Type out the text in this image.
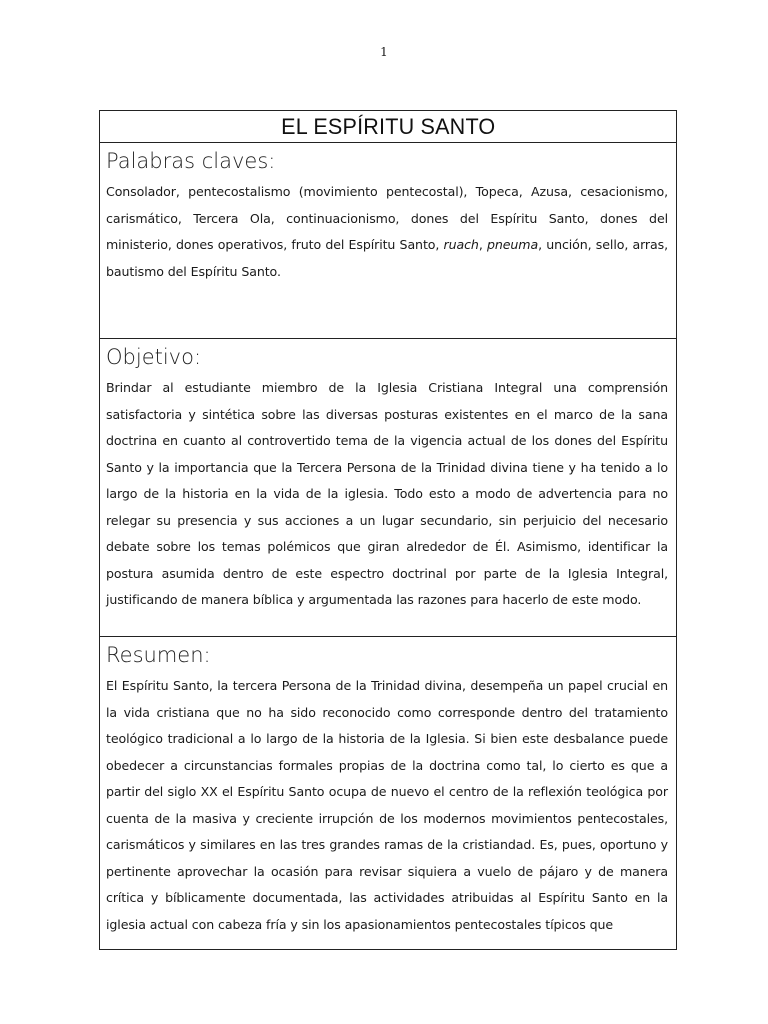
1
EL ESPÍRITU SANTO
Palabras claves:

Consolador, pentecostalismo (movimiento pentecostal), Topeca, Azusa, cesacionismo, carismático, Tercera Ola, continuacionismo, dones del Espíritu Santo, dones del ministerio, dones operativos, fruto del Espíritu Santo, ruach, pneuma, unción, sello, arras, bautismo del Espíritu Santo.

Objetivo:

Brindar al estudiante miembro de la Iglesia Cristiana Integral una comprensión satisfactoria y sintética sobre las diversas posturas existentes en el marco de la sana doctrina en cuanto al controvertido tema de la vigencia actual de los dones del Espíritu Santo y la importancia que la Tercera Persona de la Trinidad divina tiene y ha tenido a lo largo de la historia en la vida de la iglesia. Todo esto a modo de advertencia para no relegar su presencia y sus acciones a un lugar secundario, sin perjuicio del necesario debate sobre los temas polémicos que giran alrededor de Él. Asimismo, identificar la postura asumida dentro de este espectro doctrinal por parte de la Iglesia Integral, justificando de manera bíblica y argumentada las razones para hacerlo de este modo.

Resumen:

El Espíritu Santo, la tercera Persona de la Trinidad divina, desempeña un papel crucial en la vida cristiana que no ha sido reconocido como corresponde dentro del tratamiento teológico tradicional a lo largo de la historia de la Iglesia. Si bien este desbalance puede obedecer a circunstancias formales propias de la doctrina como tal, lo cierto es que a partir del siglo XX el Espíritu Santo ocupa de nuevo el centro de la reflexión teológica por cuenta de la masiva y creciente irrupción de los modernos movimientos pentecostales, carismáticos y similares en las tres grandes ramas de la cristiandad. Es, pues, oportuno y pertinente aprovechar la ocasión para revisar siquiera a vuelo de pájaro y de manera crítica y bíblicamente documentada, las actividades atribuidas al Espíritu Santo en la iglesia actual con cabeza fría y sin los apasionamientos pentecostales típicos que
